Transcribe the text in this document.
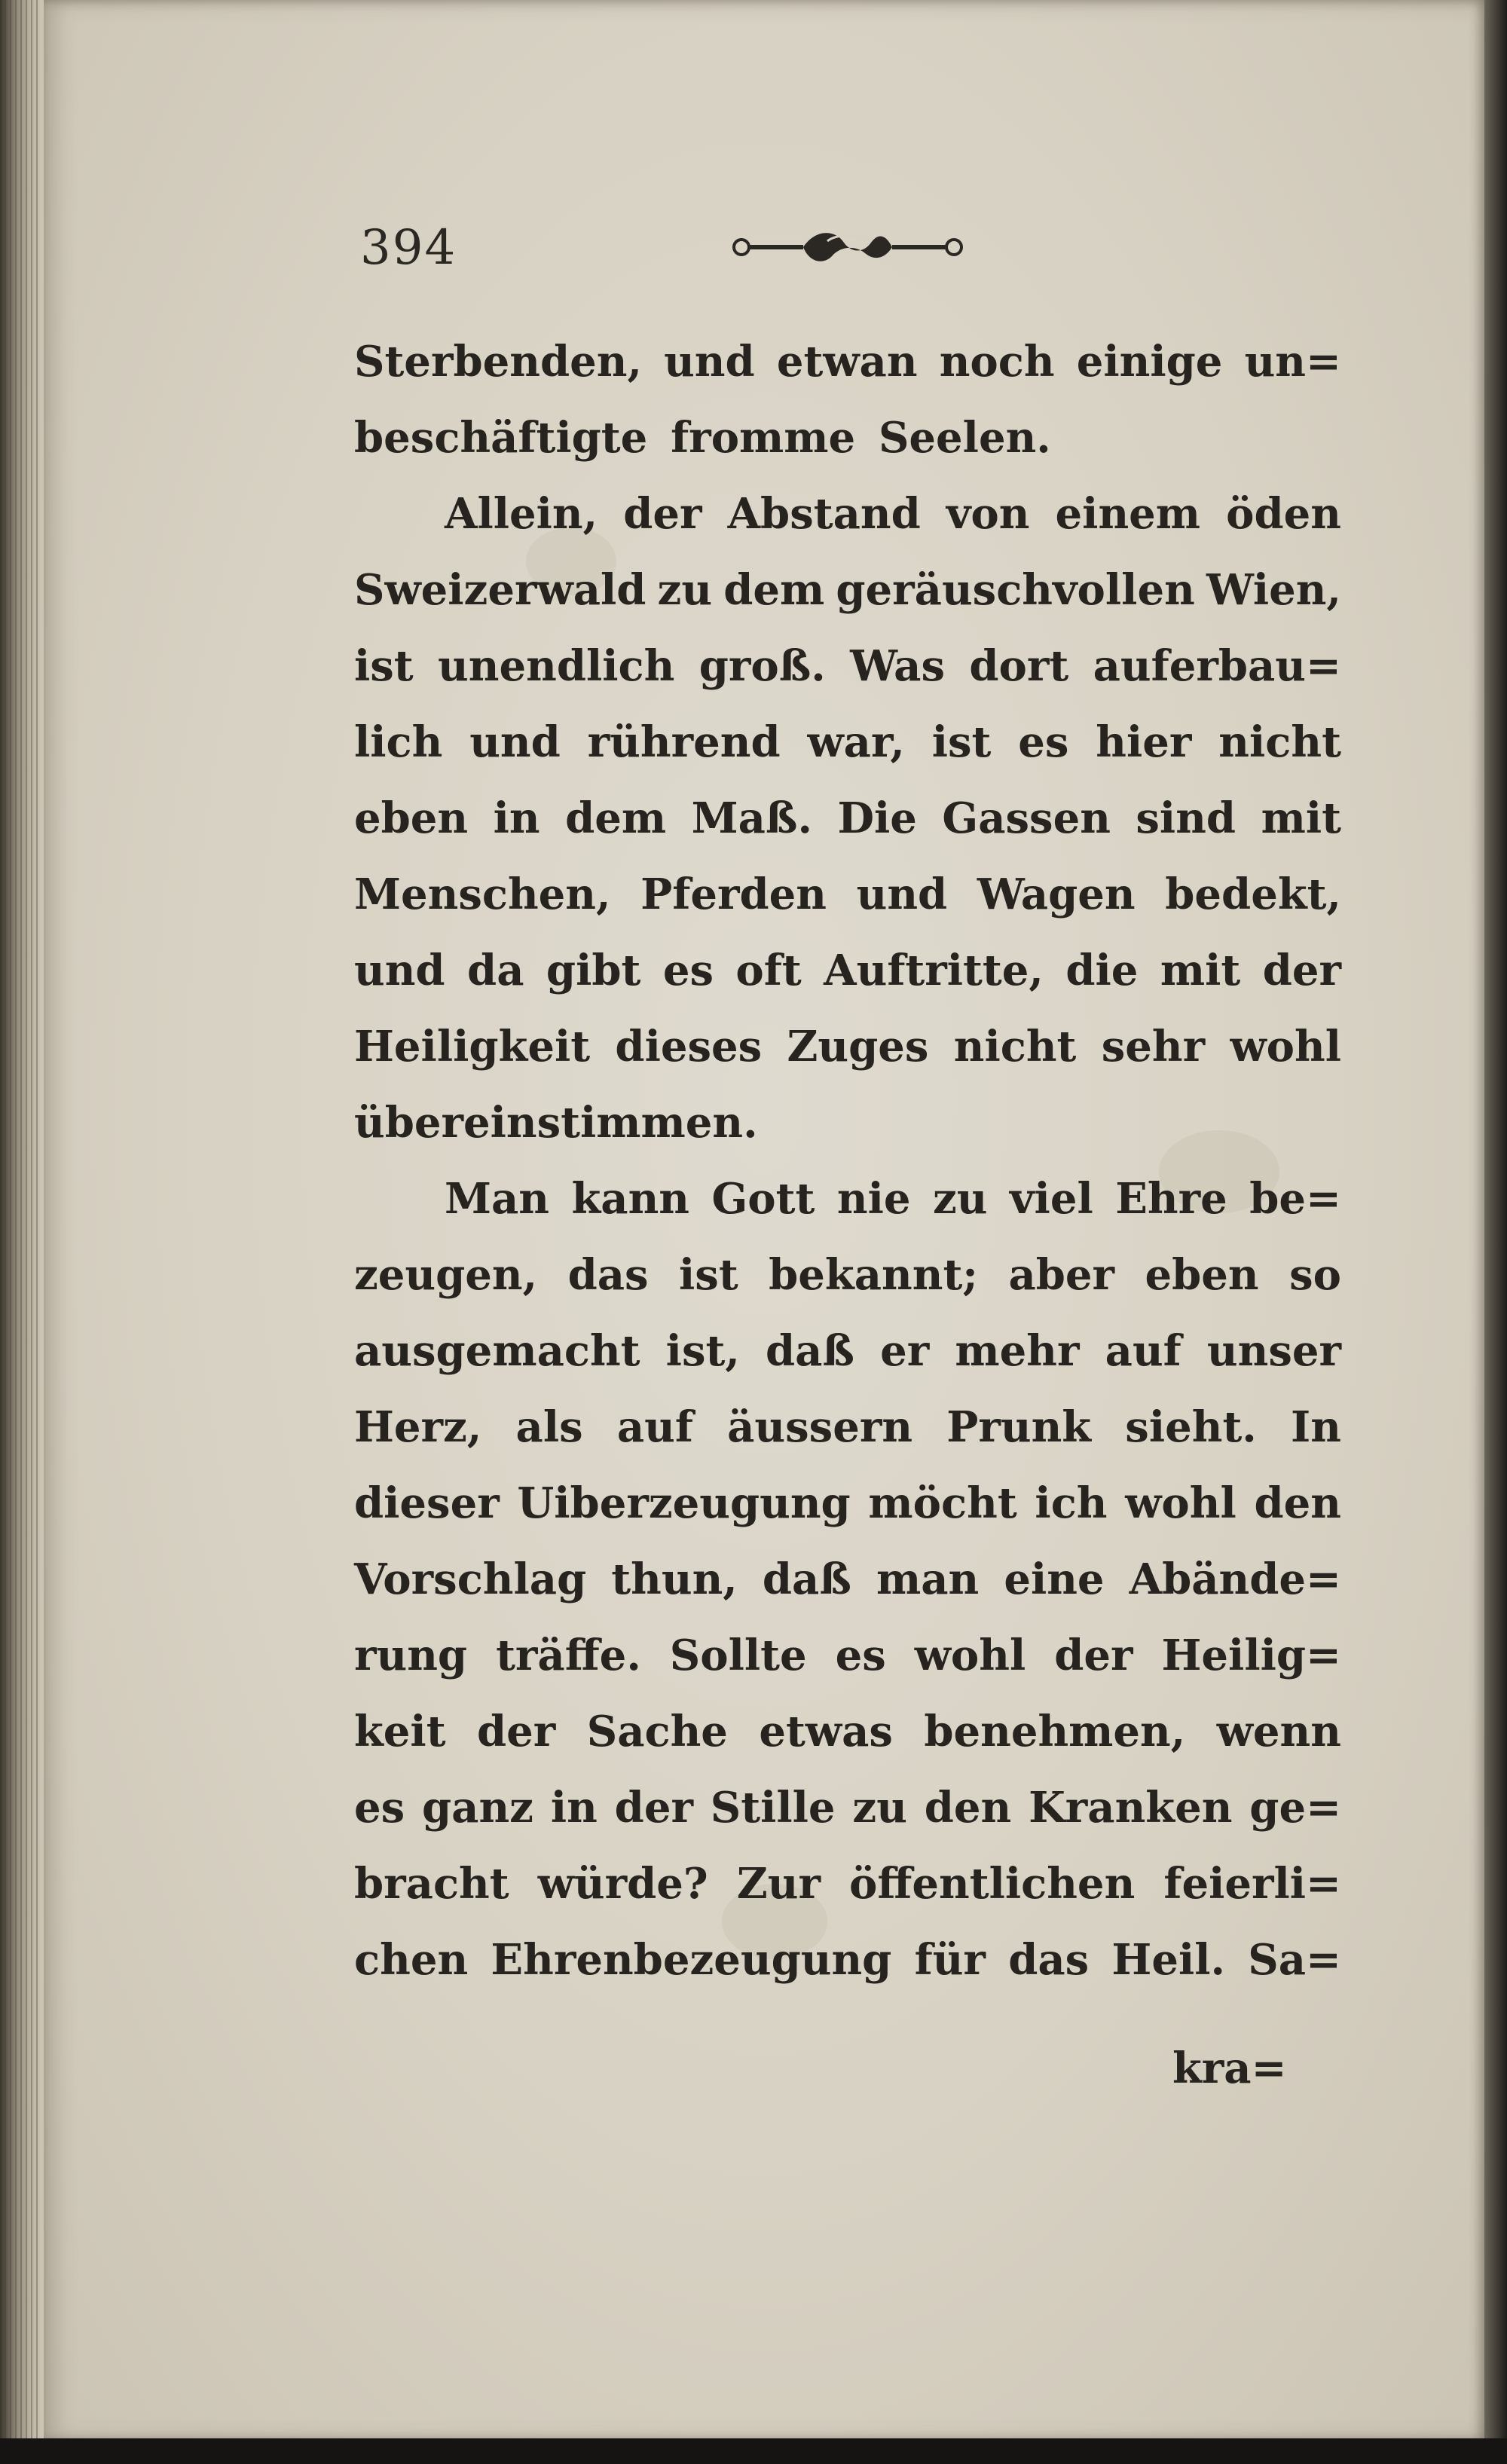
394
Sterbenden, und etwan noch einige un=
beschäftigte fromme Seelen.
Allein, der Abstand von einem öden
Sweizerwald zu dem geräuschvollen Wien,
ist unendlich groß. Was dort auferbau=
lich und rührend war, ist es hier nicht
eben in dem Maß. Die Gassen sind mit
Menschen, Pferden und Wagen bedekt,
und da gibt es oft Auftritte, die mit der
Heiligkeit dieses Zuges nicht sehr wohl
übereinstimmen.
Man kann Gott nie zu viel Ehre be=
zeugen, das ist bekannt; aber eben so
ausgemacht ist, daß er mehr auf unser
Herz, als auf äussern Prunk sieht. In
dieser Uiberzeugung möcht ich wohl den
Vorschlag thun, daß man eine Abände=
rung träffe. Sollte es wohl der Heilig=
keit der Sache etwas benehmen, wenn
es ganz in der Stille zu den Kranken ge=
bracht würde? Zur öffentlichen feierli=
chen Ehrenbezeugung für das Heil. Sa=
kra=
